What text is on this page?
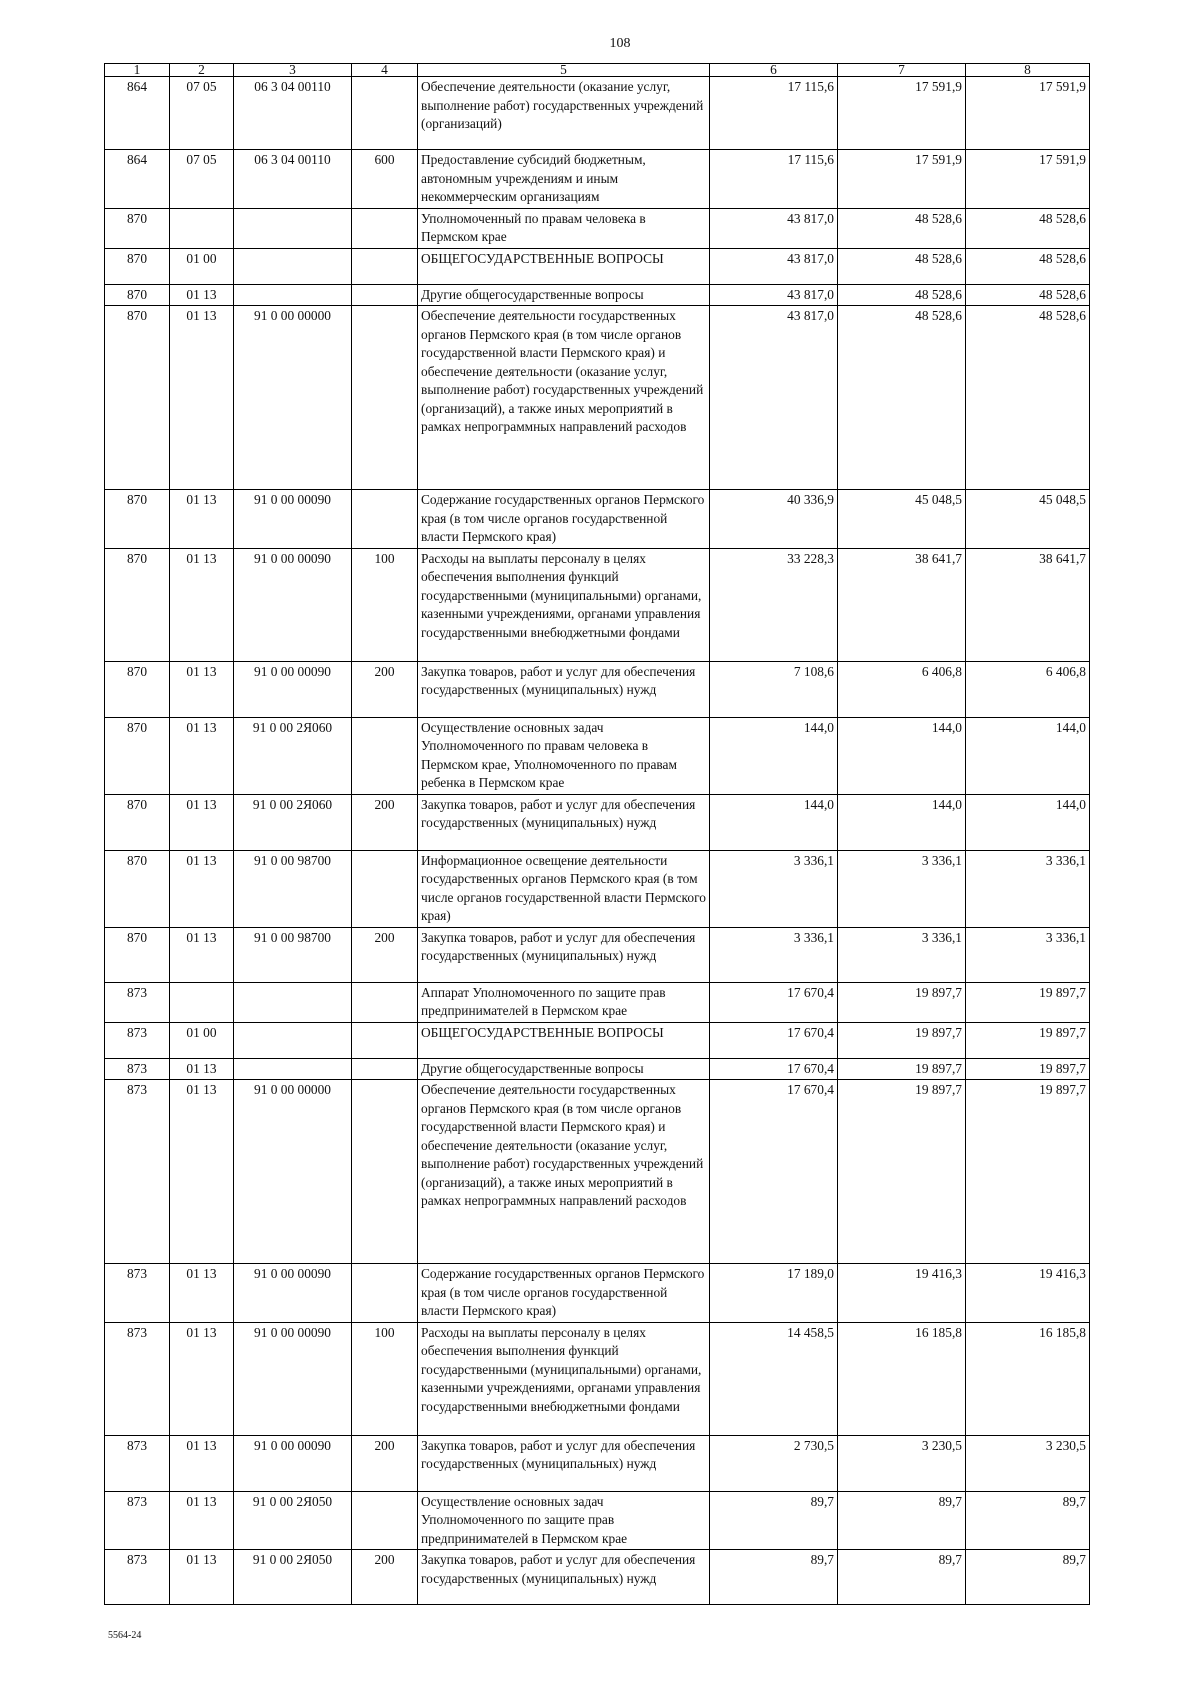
108
1	2	3	4	5	6	7	8
864	07 05	06 3 04 00110		Обеспечение деятельности (оказание услуг, выполнение работ) государственных учреждений (организаций)	17 115,6	17 591,9	17 591,9
864	07 05	06 3 04 00110	600	Предоставление субсидий бюджетным, автономным учреждениям и иным некоммерческим организациям	17 115,6	17 591,9	17 591,9
870				Уполномоченный по правам человека в Пермском крае	43 817,0	48 528,6	48 528,6
870	01 00			ОБЩЕГОСУДАРСТВЕННЫЕ ВОПРОСЫ	43 817,0	48 528,6	48 528,6
870	01 13			Другие общегосударственные вопросы	43 817,0	48 528,6	48 528,6
870	01 13	91 0 00 00000		Обеспечение деятельности государственных органов Пермского края (в том числе органов государственной власти Пермского края) и обеспечение деятельности (оказание услуг, выполнение работ) государственных учреждений (организаций), а также иных мероприятий в рамках непрограммных направлений расходов	43 817,0	48 528,6	48 528,6
870	01 13	91 0 00 00090		Содержание государственных органов Пермского края (в том числе органов государственной власти Пермского края)	40 336,9	45 048,5	45 048,5
870	01 13	91 0 00 00090	100	Расходы на выплаты персоналу в целях обеспечения выполнения функций государственными (муниципальными) органами, казенными учреждениями, органами управления государственными внебюджетными фондами	33 228,3	38 641,7	38 641,7
870	01 13	91 0 00 00090	200	Закупка товаров, работ и услуг для обеспечения государственных (муниципальных) нужд	7 108,6	6 406,8	6 406,8
870	01 13	91 0 00 2Я060		Осуществление основных задач Уполномоченного по правам человека в Пермском крае, Уполномоченного по правам ребенка в Пермском крае	144,0	144,0	144,0
870	01 13	91 0 00 2Я060	200	Закупка товаров, работ и услуг для обеспечения государственных (муниципальных) нужд	144,0	144,0	144,0
870	01 13	91 0 00 98700		Информационное освещение деятельности государственных органов Пермского края (в том числе органов государственной власти Пермского края)	3 336,1	3 336,1	3 336,1
870	01 13	91 0 00 98700	200	Закупка товаров, работ и услуг для обеспечения государственных (муниципальных) нужд	3 336,1	3 336,1	3 336,1
873				Аппарат Уполномоченного по защите прав предпринимателей в Пермском крае	17 670,4	19 897,7	19 897,7
873	01 00			ОБЩЕГОСУДАРСТВЕННЫЕ ВОПРОСЫ	17 670,4	19 897,7	19 897,7
873	01 13			Другие общегосударственные вопросы	17 670,4	19 897,7	19 897,7
873	01 13	91 0 00 00000		Обеспечение деятельности государственных органов Пермского края (в том числе органов государственной власти Пермского края) и обеспечение деятельности (оказание услуг, выполнение работ) государственных учреждений (организаций), а также иных мероприятий в рамках непрограммных направлений расходов	17 670,4	19 897,7	19 897,7
873	01 13	91 0 00 00090		Содержание государственных органов Пермского края (в том числе органов государственной власти Пермского края)	17 189,0	19 416,3	19 416,3
873	01 13	91 0 00 00090	100	Расходы на выплаты персоналу в целях обеспечения выполнения функций государственными (муниципальными) органами, казенными учреждениями, органами управления государственными внебюджетными фондами	14 458,5	16 185,8	16 185,8
873	01 13	91 0 00 00090	200	Закупка товаров, работ и услуг для обеспечения государственных (муниципальных) нужд	2 730,5	3 230,5	3 230,5
873	01 13	91 0 00 2Я050		Осуществление основных задач Уполномоченного по защите прав предпринимателей в Пермском крае	89,7	89,7	89,7
873	01 13	91 0 00 2Я050	200	Закупка товаров, работ и услуг для обеспечения государственных (муниципальных) нужд	89,7	89,7	89,7
5564-24
